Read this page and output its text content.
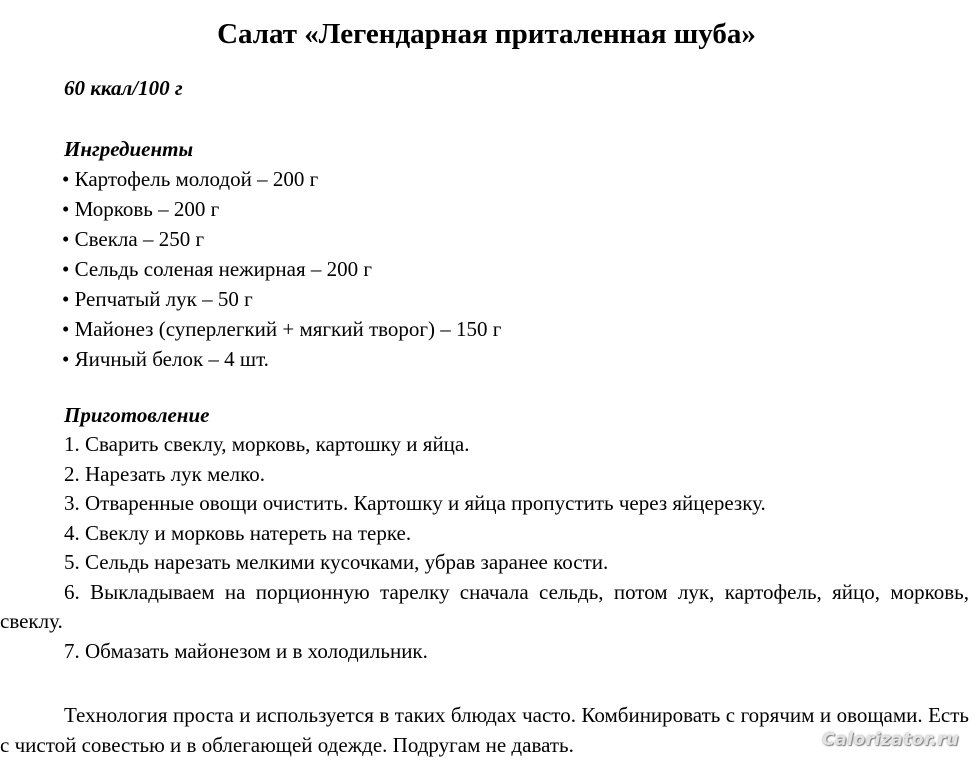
Салат «Легендарная приталенная шуба»
60 ккал/100 г
Ингредиенты
• Картофель молодой – 200 г
• Морковь – 200 г
• Свекла – 250 г
• Сельдь соленая нежирная – 200 г
• Репчатый лук – 50 г
• Майонез (суперлегкий + мягкий творог) – 150 г
• Яичный белок – 4 шт.
Приготовление
1. Сварить свеклу, морковь, картошку и яйца.
2. Нарезать лук мелко.
3. Отваренные овощи очистить. Картошку и яйца пропустить через яйцерезку.
4. Свеклу и морковь натереть на терке.
5. Сельдь нарезать мелкими кусочками, убрав заранее кости.
6. Выкладываем на порционную тарелку сначала сельдь, потом лук, картофель, яйцо, морковь, свеклу.
7. Обмазать майонезом и в холодильник.

Технология проста и используется в таких блюдах часто. Комбинировать с горячим и овощами. Есть с чистой совестью и в облегающей одежде. Подругам не давать.	Calorizator.ru
